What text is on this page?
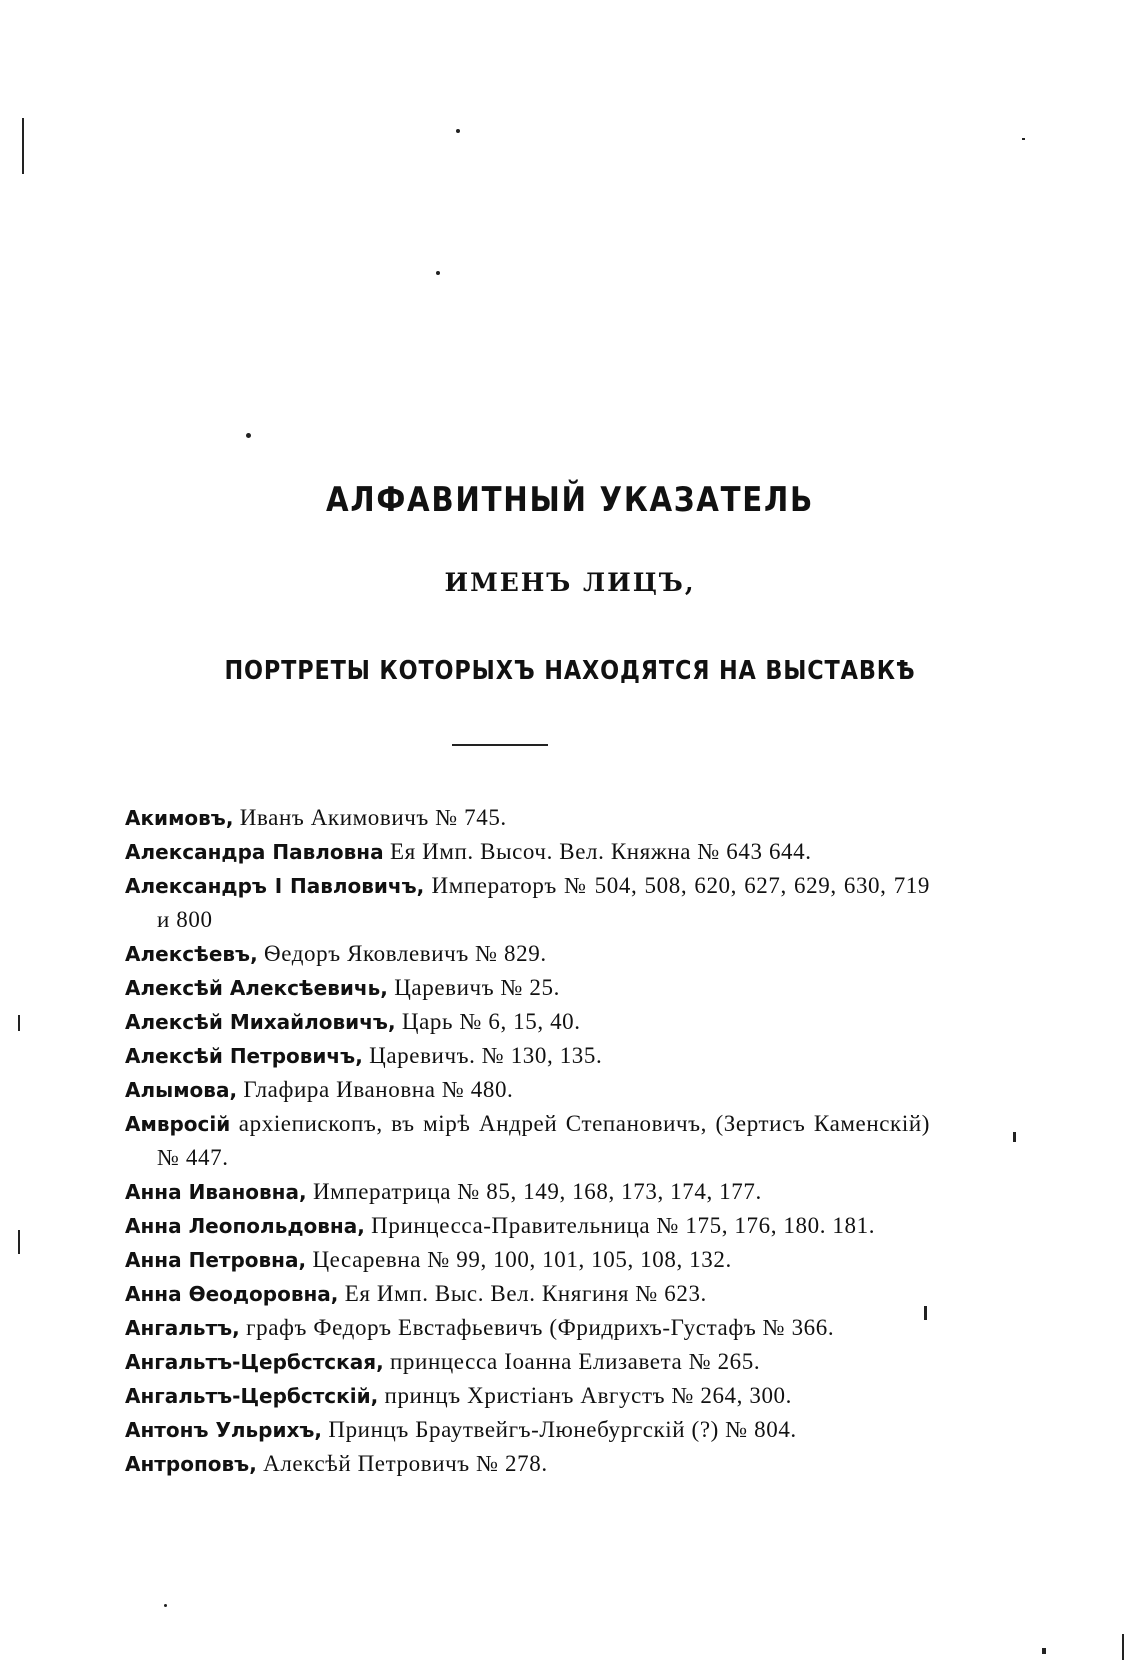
АЛФАВИТНЫЙ УКАЗАТЕЛЬ
ИМЕНЪ ЛИЦЪ,
ПОРТРЕТЫ КОТОРЫХЪ НАХОДЯТСЯ НА ВЫСТАВКѢ
Акимовъ, Иванъ Акимовичъ № 745.
Александра Павловна Ея Имп. Высоч. Вел. Княжна № 643 644.
Александръ I Павловичъ, Императоръ № 504, 508, 620, 627, 629, 630, 719 и 800
Алексѣевъ, Ѳедоръ Яковлевичъ № 829.
Алексѣй Алексѣевичь, Царевичъ № 25.
Алексѣй Михайловичъ, Царь № 6, 15, 40.
Алексѣй Петровичъ, Царевичъ. № 130, 135.
Алымова, Глафира Ивановна № 480.
Амвросій архіепископъ, въ мірѣ Андрей Степановичъ, (Зертисъ Каменскій) № 447.
Анна Ивановна, Императрица № 85, 149, 168, 173, 174, 177.
Анна Леопольдовна, Принцесса-Правительница № 175, 176, 180. 181.
Анна Петровна, Цесаревна № 99, 100, 101, 105, 108, 132.
Анна Ѳеодоровна, Ея Имп. Выс. Вел. Княгиня № 623.
Ангальтъ, графъ Федоръ Евстафьевичъ (Фридрихъ-Густафъ № 366.
Ангальтъ-Цербстская, принцесса Іоанна Елизавета № 265.
Ангальтъ-Цербстскій, принцъ Христіанъ Августъ № 264, 300.
Антонъ Ульрихъ, Принцъ Браутвейгъ-Люнебургскій (?) № 804.
Антроповъ, Алексѣй Петровичъ № 278.
